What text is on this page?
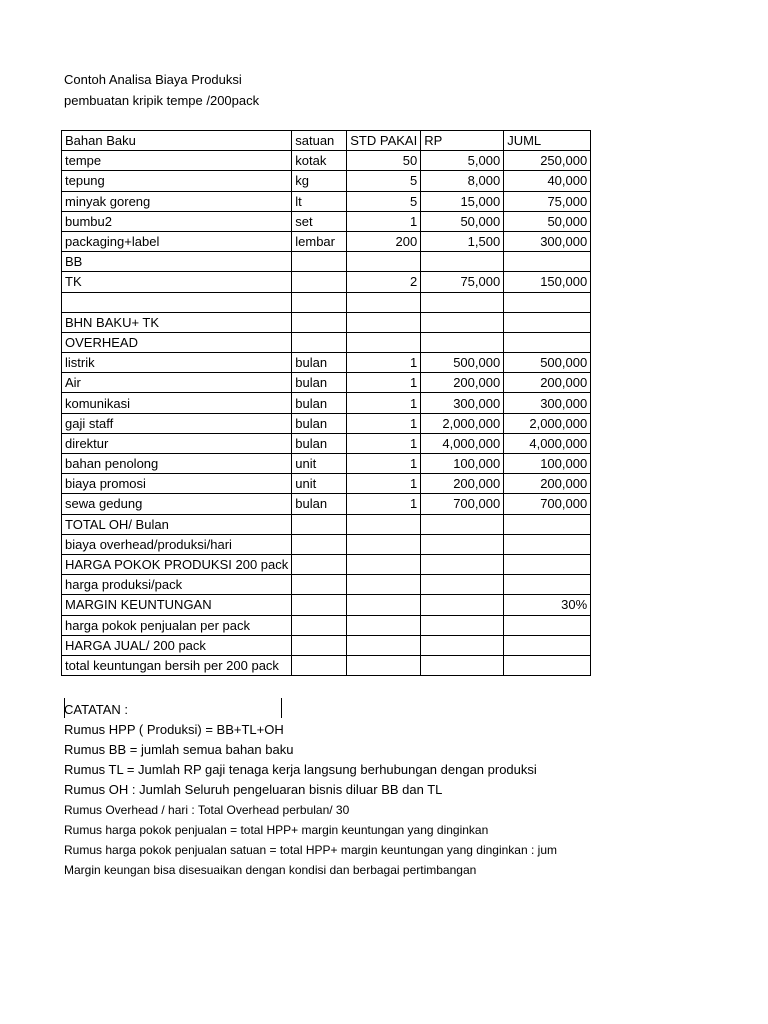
Contoh Analisa Biaya Produksi
pembuatan kripik tempe /200pack
Bahan Baku	satuan	STD PAKAI	RP	JUML
tempe	kotak	50	5,000	250,000
tepung	kg	5	8,000	40,000
minyak goreng	lt	5	15,000	75,000
bumbu2	set	1	50,000	50,000
packaging+label	lembar	200	1,500	300,000
BB				
TK		2	75,000	150,000

BHN BAKU+ TK				
OVERHEAD				
listrik	bulan	1	500,000	500,000
Air	bulan	1	200,000	200,000
komunikasi	bulan	1	300,000	300,000
gaji staff	bulan	1	2,000,000	2,000,000
direktur	bulan	1	4,000,000	4,000,000
bahan penolong	unit	1	100,000	100,000
biaya promosi	unit	1	200,000	200,000
sewa gedung	bulan	1	700,000	700,000
TOTAL OH/ Bulan				
biaya overhead/produksi/hari				
HARGA POKOK PRODUKSI 200 pack				
harga produksi/pack				
MARGIN KEUNTUNGAN				30%
harga pokok penjualan per pack				
HARGA JUAL/ 200 pack				
total keuntungan bersih per 200 pack				
CATATAN :
Rumus HPP ( Produksi) = BB+TL+OH
Rumus BB = jumlah semua bahan baku
Rumus TL = Jumlah RP gaji tenaga kerja langsung berhubungan dengan produksi
Rumus OH : Jumlah Seluruh pengeluaran bisnis diluar BB dan TL
Rumus Overhead / hari : Total Overhead perbulan/ 30
Rumus harga pokok penjualan = total HPP+ margin keuntungan yang dinginkan
Rumus harga pokok penjualan satuan = total HPP+ margin keuntungan yang dinginkan : jum
Margin keungan bisa disesuaikan dengan kondisi dan berbagai pertimbangan
